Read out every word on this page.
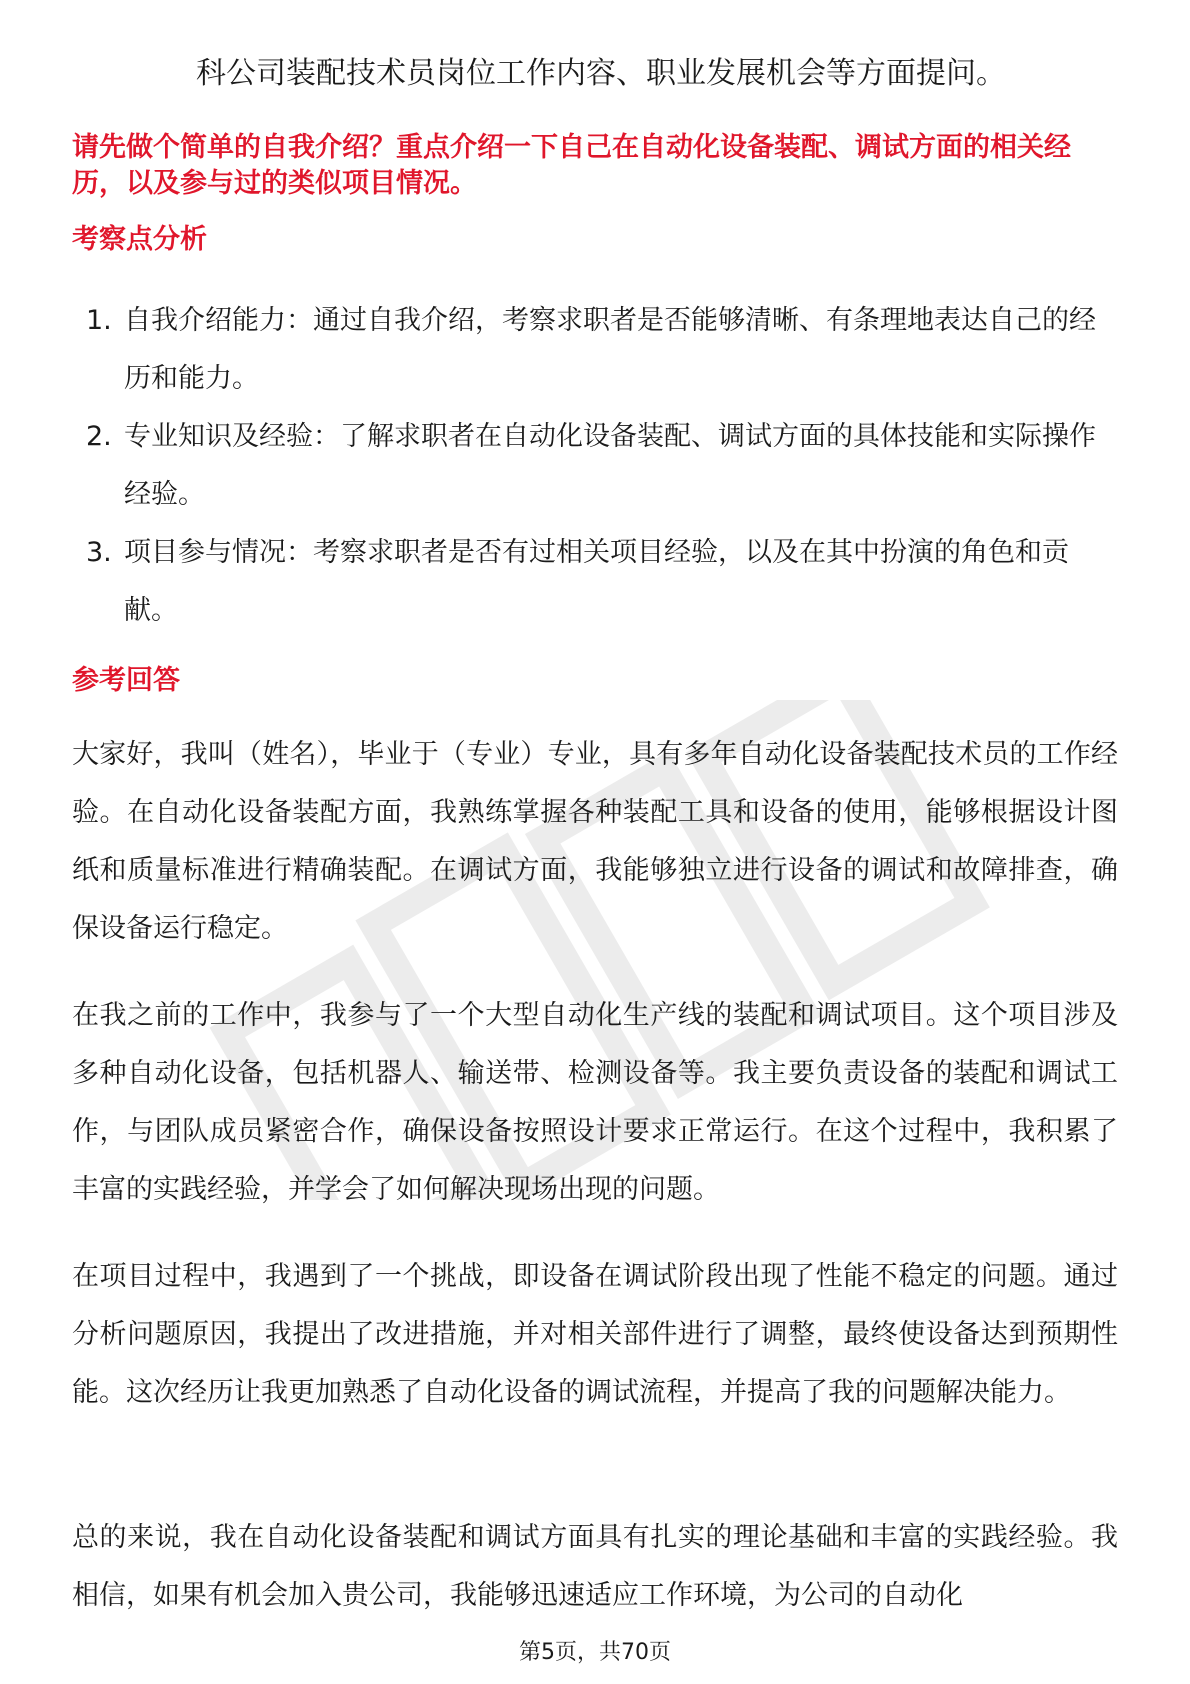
科公司装配技术员岗位工作内容、职业发展机会等方面提问。
请先做个简单的自我介绍？重点介绍一下自己在自动化设备装配、调试方面的相关经历，以及参与过的类似项目情况。
考察点分析
1. 自我介绍能力：通过自我介绍，考察求职者是否能够清晰、有条理地表达自己的经历和能力。
2. 专业知识及经验：了解求职者在自动化设备装配、调试方面的具体技能和实际操作经验。
3. 项目参与情况：考察求职者是否有过相关项目经验，以及在其中扮演的角色和贡献。
参考回答

大家好，我叫（姓名），毕业于（专业）专业，具有多年自动化设备装配技术员的工作经验。在自动化设备装配方面，我熟练掌握各种装配工具和设备的使用，能够根据设计图纸和质量标准进行精确装配。在调试方面，我能够独立进行设备的调试和故障排查，确保设备运行稳定。

在我之前的工作中，我参与了一个大型自动化生产线的装配和调试项目。这个项目涉及多种自动化设备，包括机器人、输送带、检测设备等。我主要负责设备的装配和调试工作，与团队成员紧密合作，确保设备按照设计要求正常运行。在这个过程中，我积累了丰富的实践经验，并学会了如何解决现场出现的问题。

在项目过程中，我遇到了一个挑战，即设备在调试阶段出现了性能不稳定的问题。通过分析问题原因，我提出了改进措施，并对相关部件进行了调整，最终使设备达到预期性能。这次经历让我更加熟悉了自动化设备的调试流程，并提高了我的问题解决能力。

总的来说，我在自动化设备装配和调试方面具有扎实的理论基础和丰富的实践经验。我相信，如果有机会加入贵公司，我能够迅速适应工作环境，为公司的自动化

第5页，共70页
